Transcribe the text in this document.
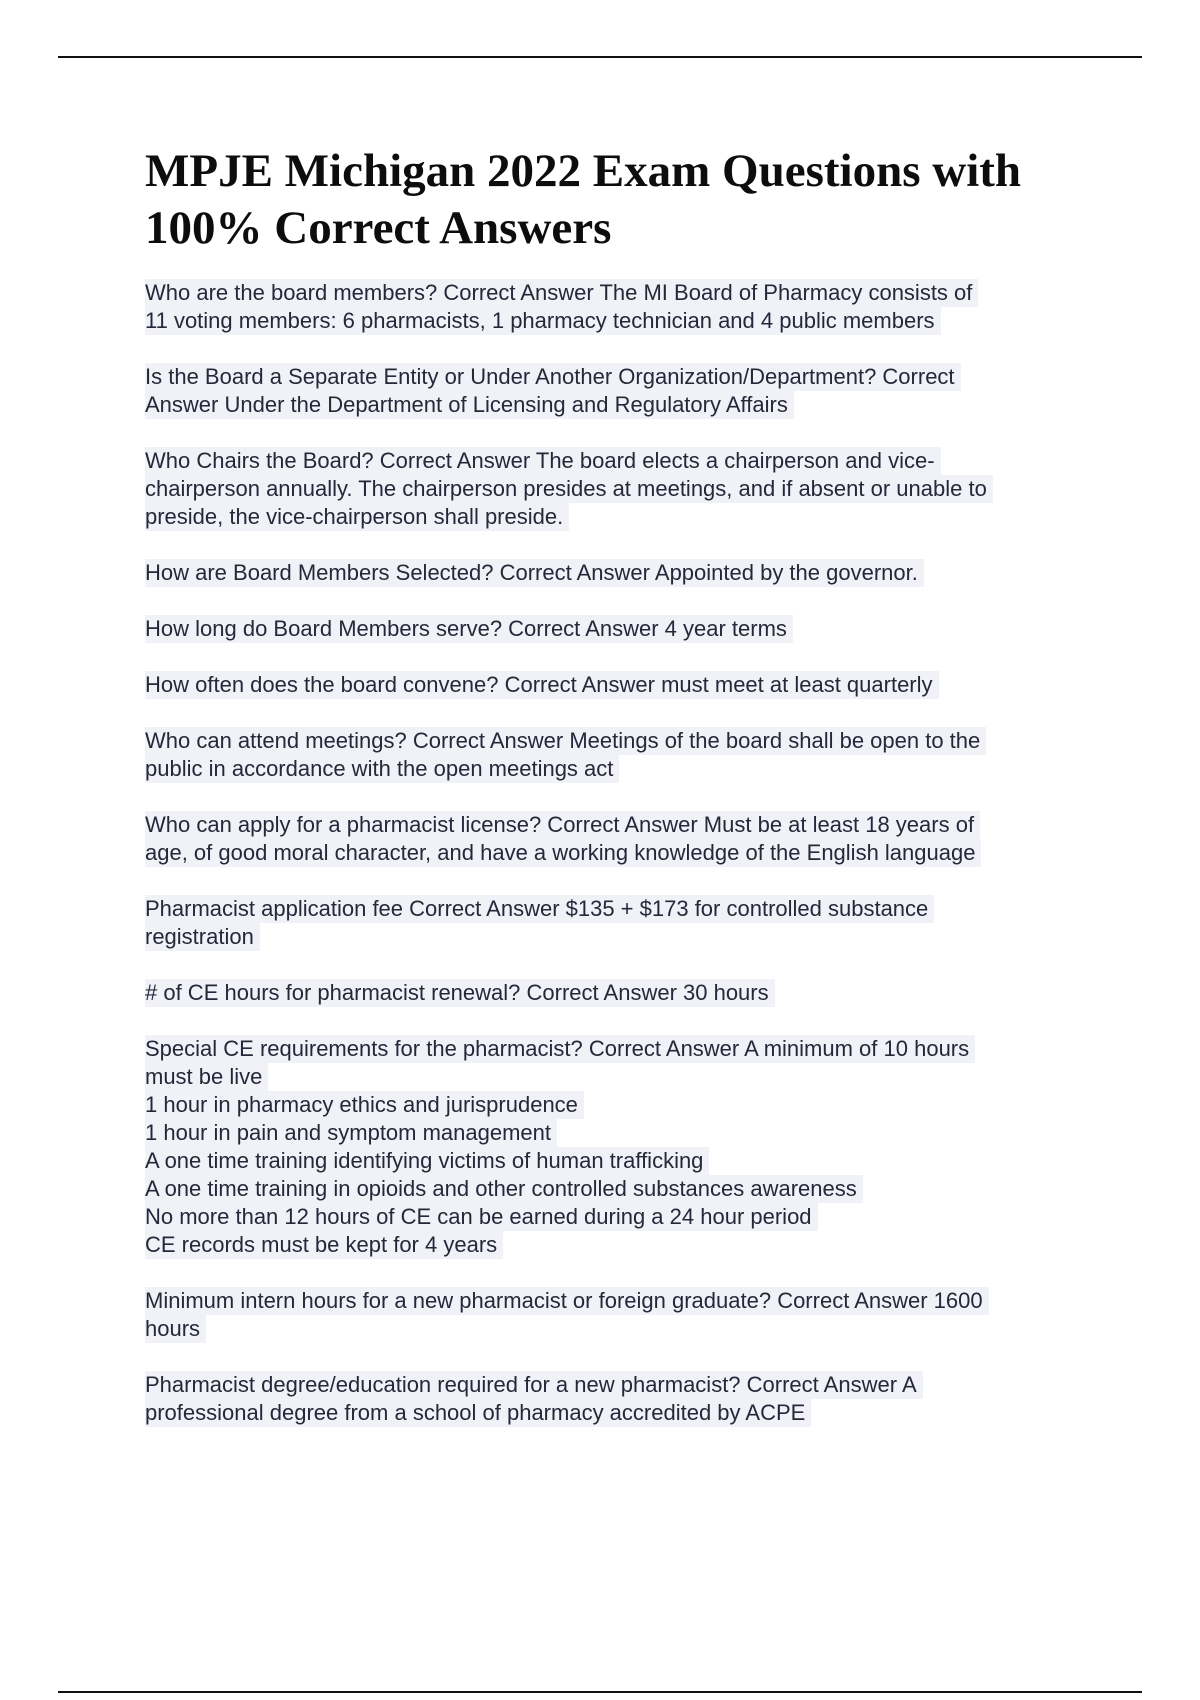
MPJE Michigan 2022 Exam Questions with
100% Correct Answers
Who are the board members? Correct Answer The MI Board of Pharmacy consists of
11 voting members: 6 pharmacists, 1 pharmacy technician and 4 public members
Is the Board a Separate Entity or Under Another Organization/Department? Correct
Answer Under the Department of Licensing and Regulatory Affairs
Who Chairs the Board? Correct Answer The board elects a chairperson and vice-
chairperson annually. The chairperson presides at meetings, and if absent or unable to
preside, the vice-chairperson shall preside.
How are Board Members Selected? Correct Answer Appointed by the governor.
How long do Board Members serve? Correct Answer 4 year terms
How often does the board convene? Correct Answer must meet at least quarterly
Who can attend meetings? Correct Answer Meetings of the board shall be open to the
public in accordance with the open meetings act
Who can apply for a pharmacist license? Correct Answer Must be at least 18 years of
age, of good moral character, and have a working knowledge of the English language
Pharmacist application fee Correct Answer $135 + $173 for controlled substance
registration
# of CE hours for pharmacist renewal? Correct Answer 30 hours
Special CE requirements for the pharmacist? Correct Answer A minimum of 10 hours
must be live
1 hour in pharmacy ethics and jurisprudence
1 hour in pain and symptom management
A one time training identifying victims of human trafficking
A one time training in opioids and other controlled substances awareness
No more than 12 hours of CE can be earned during a 24 hour period
CE records must be kept for 4 years
Minimum intern hours for a new pharmacist or foreign graduate? Correct Answer 1600
hours
Pharmacist degree/education required for a new pharmacist? Correct Answer A
professional degree from a school of pharmacy accredited by ACPE
